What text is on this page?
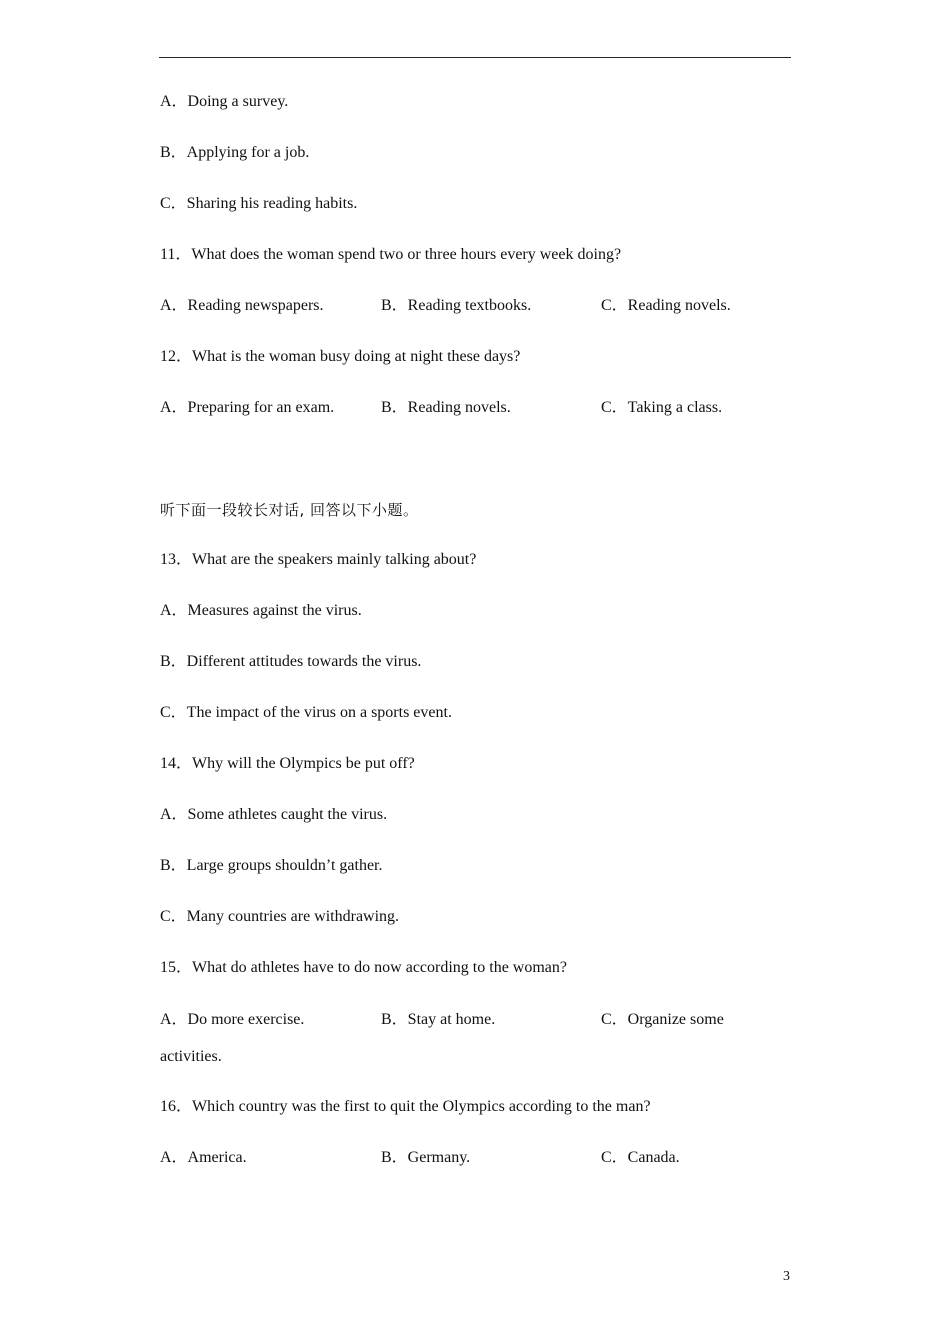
A．Doing a survey.
B．Applying for a job.
C．Sharing his reading habits.
11．What does the woman spend two or three hours every week doing?
A．Reading newspapers.	B．Reading textbooks.	C．Reading novels.
12．What is the woman busy doing at night these days?
A．Preparing for an exam.	B．Reading novels.	C．Taking a class.
听下面一段较长对话, 回答以下小题。
13．What are the speakers mainly talking about?
A．Measures against the virus.
B．Different attitudes towards the virus.
C．The impact of the virus on a sports event.
14．Why will the Olympics be put off?
A．Some athletes caught the virus.
B．Large groups shouldn’t gather.
C．Many countries are withdrawing.
15．What do athletes have to do now according to the woman?
A．Do more exercise.	B．Stay at home.	C．Organize some
activities.
16．Which country was the first to quit the Olympics according to the man?
A．America.	B．Germany.	C．Canada.
3
